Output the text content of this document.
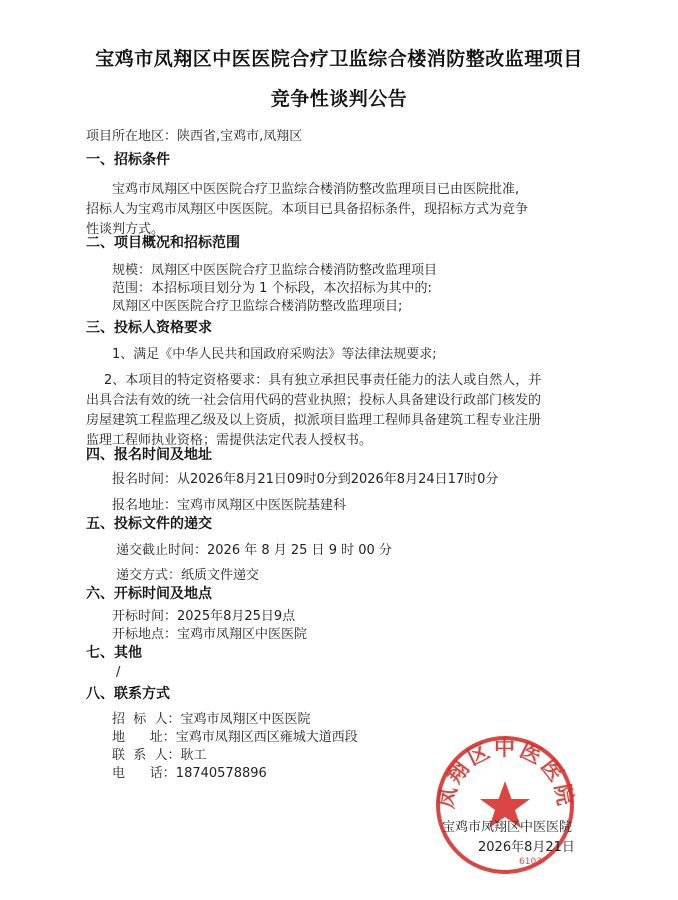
宝鸡市凤翔区中医医院合疗卫监综合楼消防整改监理项目
竞争性谈判公告
项目所在地区：陕西省,宝鸡市,凤翔区
一、招标条件
宝鸡市凤翔区中医医院合疗卫监综合楼消防整改监理项目已由医院批准,
招标人为宝鸡市凤翔区中医医院。本项目已具备招标条件，现招标方式为竞争
性谈判方式。
二、项目概况和招标范围
规模：凤翔区中医医院合疗卫监综合楼消防整改监理项目
范围：本招标项目划分为 1 个标段，本次招标为其中的:
凤翔区中医医院合疗卫监综合楼消防整改监理项目;
三、投标人资格要求
1、满足《中华人民共和国政府采购法》等法律法规要求;
2、本项目的特定资格要求：具有独立承担民事责任能力的法人或自然人，并
出具合法有效的统一社会信用代码的营业执照；投标人具备建设行政部门核发的
房屋建筑工程监理乙级及以上资质，拟派项目监理工程师具备建筑工程专业注册
监理工程师执业资格；需提供法定代表人授权书。
四、报名时间及地址
报名时间：从2026年8月21日09时0分到2026年8月24日17时0分
报名地址：宝鸡市凤翔区中医医院基建科
五、投标文件的递交
递交截止时间：2026 年 8 月 25 日 9 时 00 分
递交方式：纸质文件递交
六、开标时间及地点
开标时间：2025年8月25日9点
开标地点：宝鸡市凤翔区中医医院
七、其他
/
八、联系方式
招  标  人：宝鸡市凤翔区中医医院
地      址：宝鸡市凤翔区西区雍城大道西段
联  系  人：耿工
电      话：18740578896
凤翔区中医医院
6103
宝鸡市凤翔区中医医院
2026年8月21日
